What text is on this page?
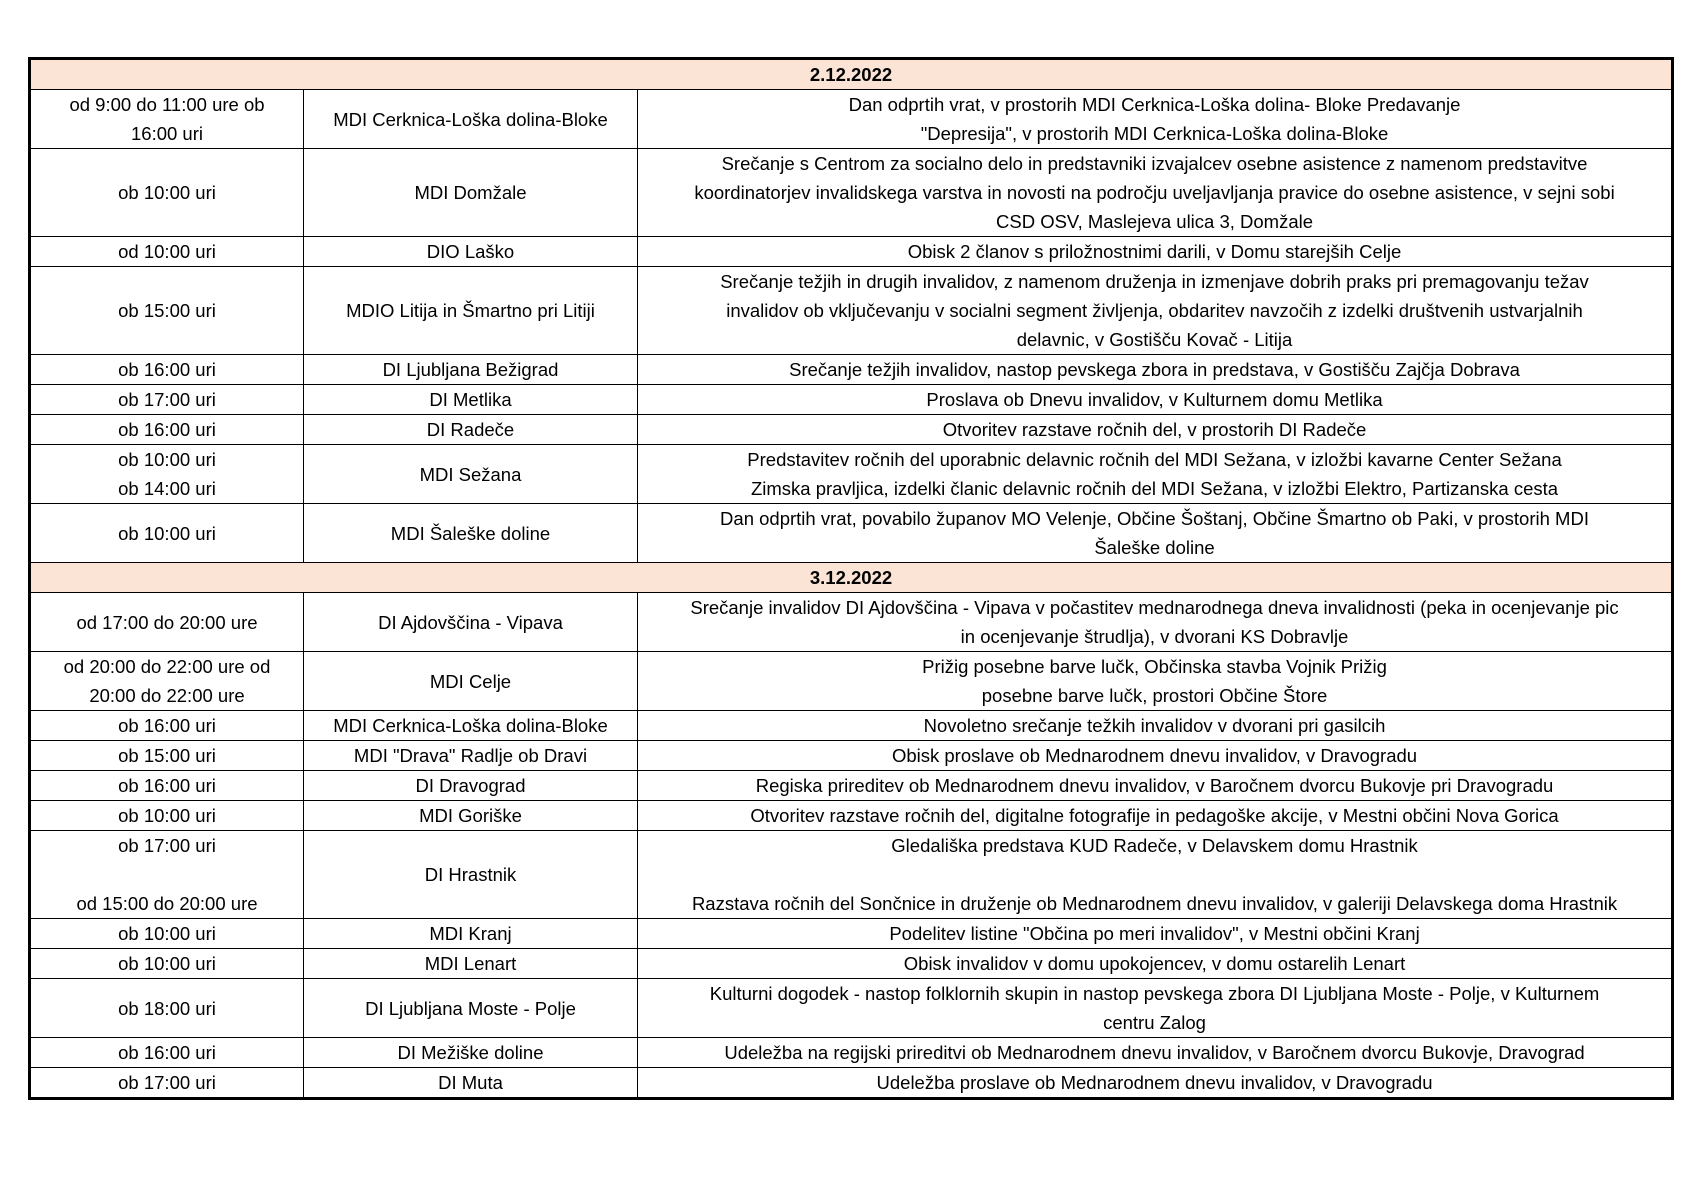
2.12.2022		
od 9:00 do 11:00 ure ob
16:00 uri	MDI Cerknica-Loška dolina-Bloke	Dan odprtih vrat, v prostorih MDI Cerknica-Loška dolina- Bloke Predavanje
"Depresija", v prostorih MDI Cerknica-Loška dolina-Bloke
ob 10:00 uri	MDI Domžale	Srečanje s Centrom za socialno delo in predstavniki izvajalcev osebne asistence z namenom predstavitve
koordinatorjev invalidskega varstva in novosti na področju uveljavljanja pravice do osebne asistence, v sejni sobi
CSD OSV, Maslejeva ulica 3, Domžale
od 10:00 uri	DIO Laško	Obisk 2 članov s priložnostnimi darili, v Domu starejših Celje
ob 15:00 uri	MDIO Litija in Šmartno pri Litiji	Srečanje težjih in drugih invalidov, z namenom druženja in izmenjave dobrih praks pri premagovanju težav
invalidov ob vključevanju v socialni segment življenja, obdaritev navzočih z izdelki društvenih ustvarjalnih
delavnic, v Gostišču Kovač - Litija
ob 16:00 uri	DI Ljubljana Bežigrad	Srečanje težjih invalidov, nastop pevskega zbora in predstava, v Gostišču Zajčja Dobrava
ob 17:00 uri	DI Metlika	Proslava ob Dnevu invalidov, v Kulturnem domu Metlika
ob 16:00 uri	DI Radeče	Otvoritev razstave ročnih del, v prostorih DI Radeče
ob 10:00 uri
ob 14:00 uri	MDI Sežana	Predstavitev ročnih del uporabnic delavnic ročnih del MDI Sežana, v izložbi kavarne Center Sežana
Zimska pravljica, izdelki članic delavnic ročnih del MDI Sežana, v izložbi Elektro, Partizanska cesta
ob 10:00 uri	MDI Šaleške doline	Dan odprtih vrat, povabilo županov MO Velenje, Občine Šoštanj, Občine Šmartno ob Paki, v prostorih MDI
Šaleške doline
3.12.2022		
od 17:00 do 20:00 ure	DI Ajdovščina - Vipava	Srečanje invalidov DI Ajdovščina - Vipava v počastitev mednarodnega dneva invalidnosti (peka in ocenjevanje pic
in ocenjevanje štrudlja), v dvorani KS Dobravlje
od 20:00 do 22:00 ure od
20:00 do 22:00 ure	MDI Celje	Prižig posebne barve lučk, Občinska stavba Vojnik Prižig
posebne barve lučk, prostori Občine Štore
ob 16:00 uri	MDI Cerknica-Loška dolina-Bloke	Novoletno srečanje težkih invalidov v dvorani pri gasilcih
ob 15:00 uri	MDI "Drava" Radlje ob Dravi	Obisk proslave ob Mednarodnem dnevu invalidov, v Dravogradu
ob 16:00 uri	DI Dravograd	Regiska prireditev ob Mednarodnem dnevu invalidov, v Baročnem dvorcu Bukovje pri Dravogradu
ob 10:00 uri	MDI Goriške	Otvoritev razstave ročnih del, digitalne fotografije in pedagoške akcije, v Mestni občini Nova Gorica
ob 17:00 uri

od 15:00 do 20:00 ure	DI Hrastnik	Gledališka predstava KUD Radeče, v Delavskem domu Hrastnik

Razstava ročnih del Sončnice in druženje ob Mednarodnem dnevu invalidov, v galeriji Delavskega doma Hrastnik
ob 10:00 uri	MDI Kranj	Podelitev listine "Občina po meri invalidov", v Mestni občini Kranj
ob 10:00 uri	MDI Lenart	Obisk invalidov v domu upokojencev, v domu ostarelih Lenart
ob 18:00 uri	DI Ljubljana Moste - Polje	Kulturni dogodek - nastop folklornih skupin in nastop pevskega zbora DI Ljubljana Moste - Polje, v Kulturnem
centru Zalog
ob 16:00 uri	DI Mežiške doline	Udeležba na regijski prireditvi ob Mednarodnem dnevu invalidov, v Baročnem dvorcu Bukovje, Dravograd
ob 17:00 uri	DI Muta	Udeležba proslave ob Mednarodnem dnevu invalidov, v Dravogradu
